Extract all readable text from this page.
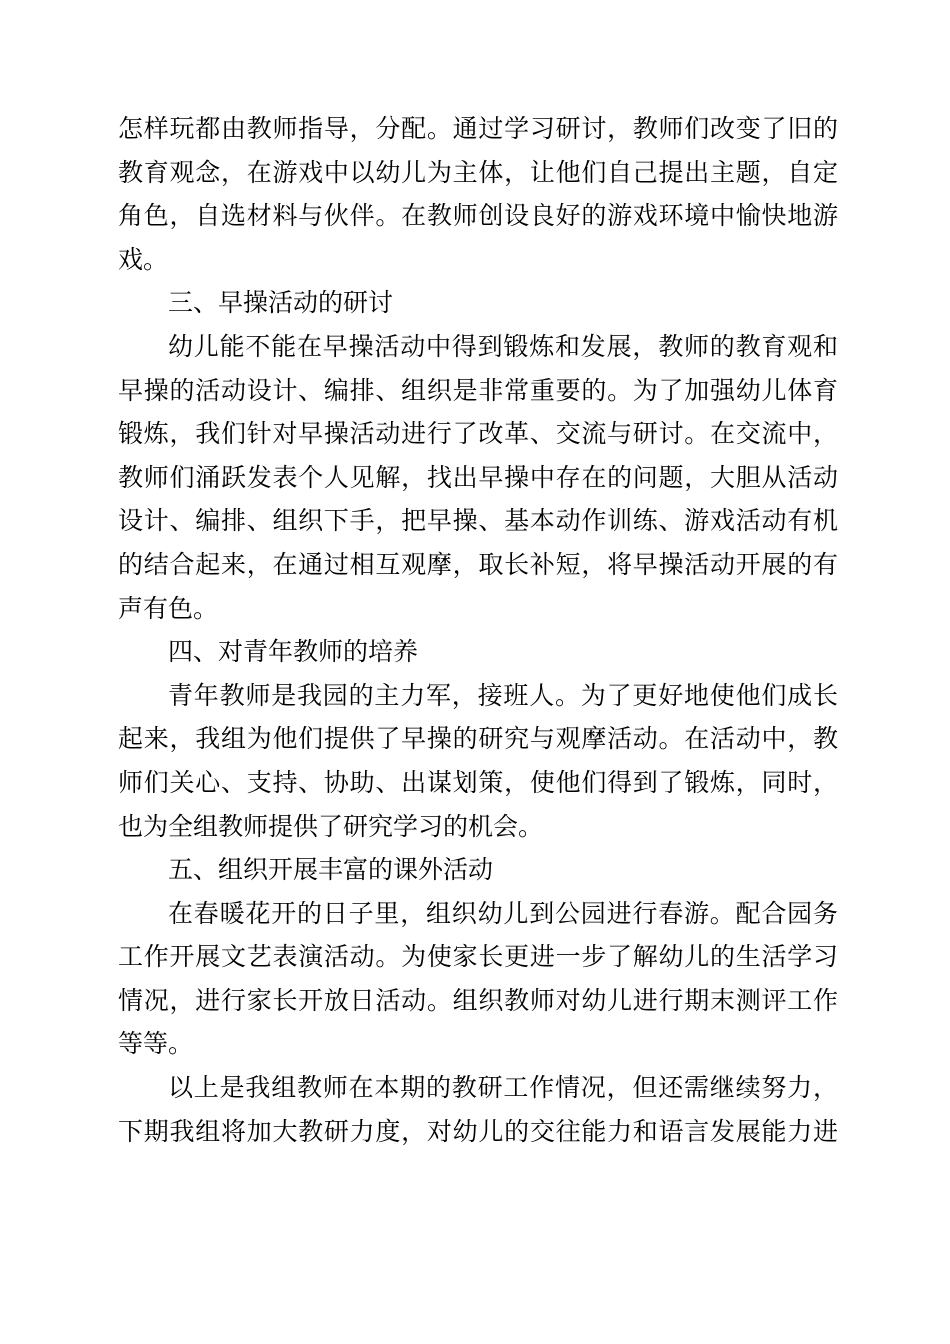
怎样玩都由教师指导，分配。通过学习研讨，教师们改变了旧的
教育观念，在游戏中以幼儿为主体，让他们自己提出主题，自定
角色，自选材料与伙伴。在教师创设良好的游戏环境中愉快地游
戏。
三、早操活动的研讨
幼儿能不能在早操活动中得到锻炼和发展，教师的教育观和
早操的活动设计、编排、组织是非常重要的。为了加强幼儿体育
锻炼，我们针对早操活动进行了改革、交流与研讨。在交流中，
教师们涌跃发表个人见解，找出早操中存在的问题，大胆从活动
设计、编排、组织下手，把早操、基本动作训练、游戏活动有机
的结合起来，在通过相互观摩，取长补短，将早操活动开展的有
声有色。
四、对青年教师的培养
青年教师是我园的主力军，接班人。为了更好地使他们成长
起来，我组为他们提供了早操的研究与观摩活动。在活动中，教
师们关心、支持、协助、出谋划策，使他们得到了锻炼，同时，
也为全组教师提供了研究学习的机会。
五、组织开展丰富的课外活动
在春暖花开的日子里，组织幼儿到公园进行春游。配合园务
工作开展文艺表演活动。为使家长更进一步了解幼儿的生活学习
情况，进行家长开放日活动。组织教师对幼儿进行期末测评工作
等等。
以上是我组教师在本期的教研工作情况，但还需继续努力，
下期我组将加大教研力度，对幼儿的交往能力和语言发展能力进
